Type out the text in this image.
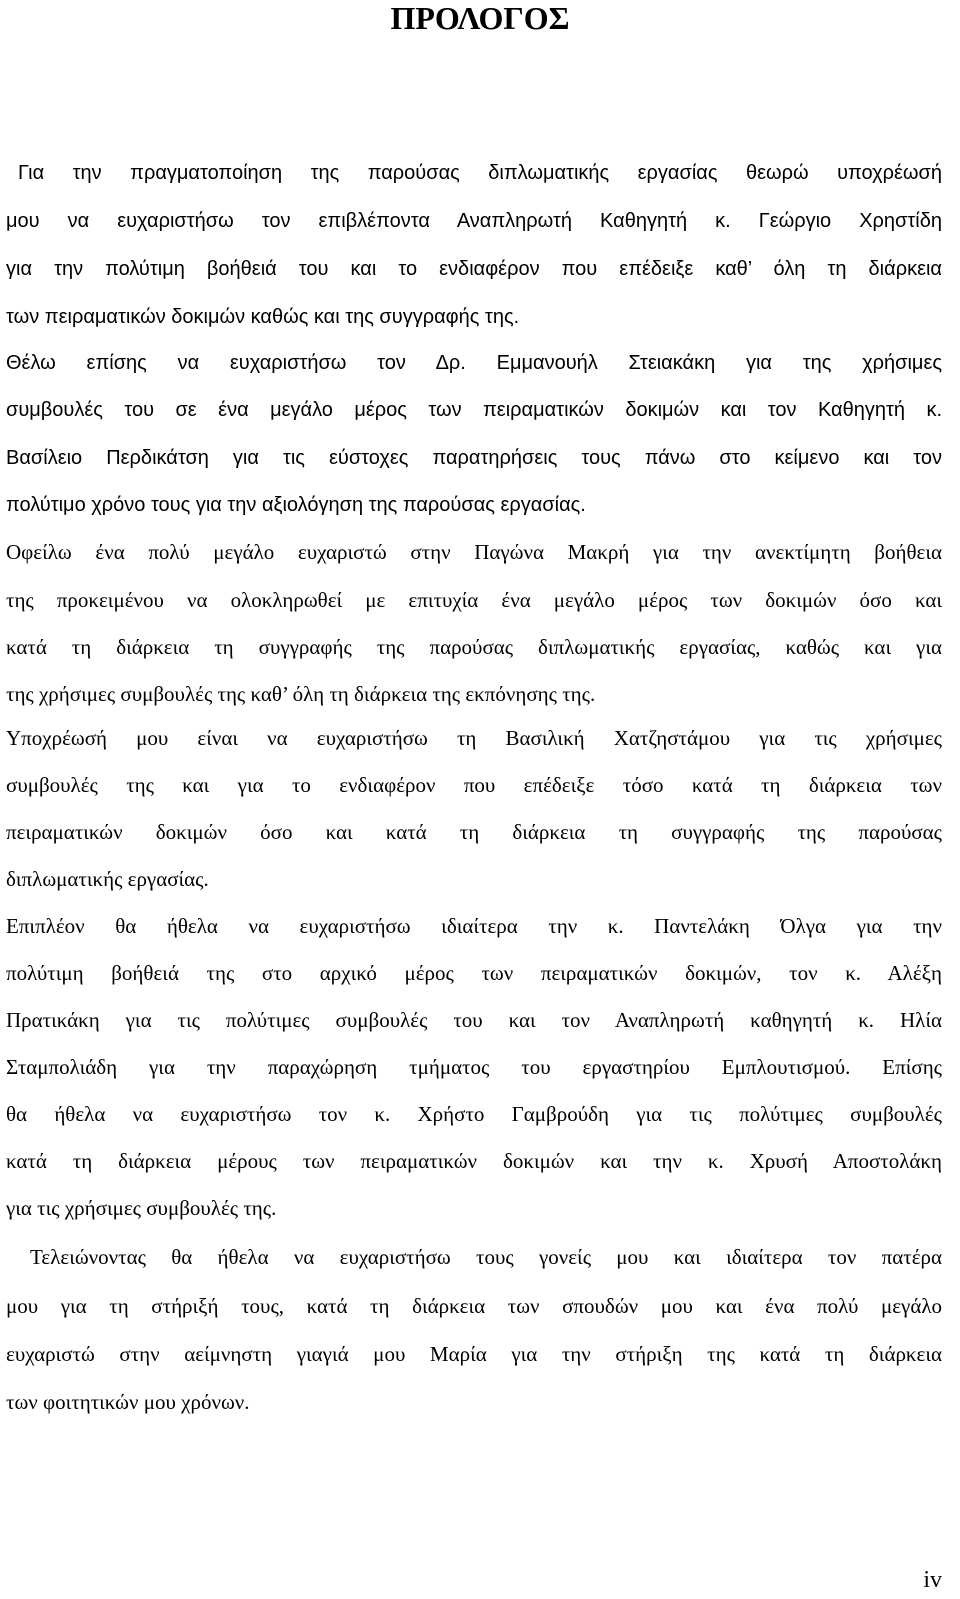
ΠΡΟΛΟΓΟΣ

Για την πραγματοποίηση της παρούσας διπλωματικής εργασίας θεωρώ υποχρέωσή

μου να ευχαριστήσω τον επιβλέποντα Αναπληρωτή Καθηγητή κ. Γεώργιο Χρηστίδη

για την πολύτιμη βοήθειά του και το ενδιαφέρον που επέδειξε καθ’ όλη τη διάρκεια

των πειραματικών δοκιμών καθώς και της συγγραφής της.

Θέλω επίσης να ευχαριστήσω τον Δρ. Εμμανουήλ Στειακάκη για της χρήσιμες

συμβουλές του σε ένα μεγάλο μέρος των πειραματικών δοκιμών και τον Καθηγητή κ.

Βασίλειο Περδικάτση για τις εύστοχες παρατηρήσεις τους πάνω στο κείμενο και τον

πολύτιμο χρόνο τους για την αξιολόγηση της παρούσας εργασίας.

Οφείλω ένα πολύ μεγάλο ευχαριστώ στην Παγώνα Μακρή για την ανεκτίμητη βοήθεια

της προκειμένου να ολοκληρωθεί με επιτυχία ένα μεγάλο μέρος των δοκιμών όσο και

κατά τη διάρκεια τη συγγραφής της παρούσας διπλωματικής εργασίας, καθώς και για

της χρήσιμες συμβουλές της καθ’ όλη τη διάρκεια της εκπόνησης της.

Υποχρέωσή μου είναι να ευχαριστήσω τη Βασιλική Χατζηστάμου για τις χρήσιμες

συμβουλές της και για το ενδιαφέρον που επέδειξε τόσο κατά τη διάρκεια των

πειραματικών δοκιμών όσο και κατά τη διάρκεια τη συγγραφής της παρούσας

διπλωματικής εργασίας.

Επιπλέον θα ήθελα να ευχαριστήσω ιδιαίτερα την κ. Παντελάκη Όλγα για την

πολύτιμη βοήθειά της στο αρχικό μέρος των πειραματικών δοκιμών, τον κ. Αλέξη

Πρατικάκη για τις πολύτιμες συμβουλές του και τον Αναπληρωτή καθηγητή κ. Ηλία

Σταμπολιάδη για την παραχώρηση τμήματος του εργαστηρίου Εμπλουτισμού. Επίσης

θα ήθελα να ευχαριστήσω τον κ. Χρήστο Γαμβρούδη για τις πολύτιμες συμβουλές

κατά τη διάρκεια μέρους των πειραματικών δοκιμών και την κ. Χρυσή Αποστολάκη

για τις χρήσιμες συμβουλές της.

Τελειώνοντας θα ήθελα να ευχαριστήσω τους γονείς μου και ιδιαίτερα τον πατέρα

μου για τη στήριξή τους, κατά τη διάρκεια των σπουδών μου και ένα πολύ μεγάλο

ευχαριστώ στην αείμνηστη γιαγιά μου Μαρία για την στήριξη της κατά τη διάρκεια

των φοιτητικών μου χρόνων.

iv
